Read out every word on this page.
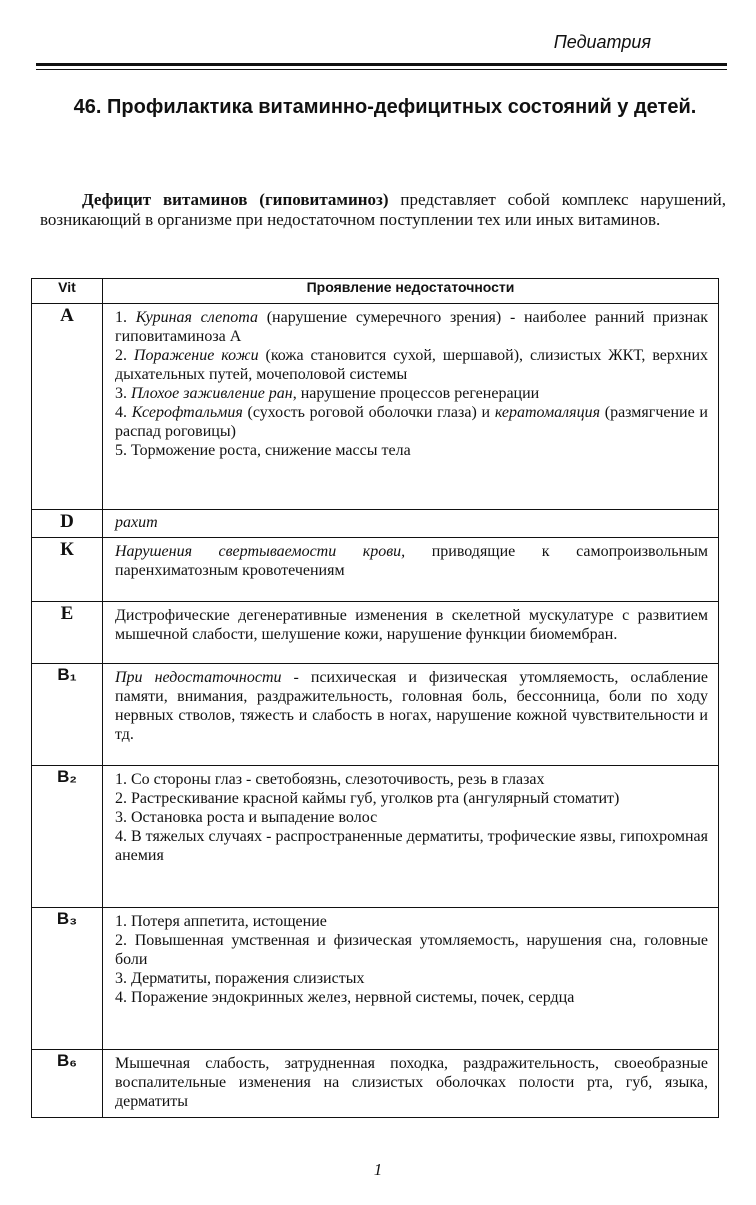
Педиатрия
46. Профилактика витаминно-дефицитных состояний у детей.

Дефицит витаминов (гиповитаминоз) представляет собой комплекс нарушений, возникающий в организме при недостаточном поступлении тех или иных витаминов.

Vit	Проявление недостаточности
А	1. Куриная слепота (нарушение сумеречного зрения) - наиболее ранний признак гиповитаминоза А

2. Поражение кожи (кожа становится сухой, шершавой), слизистых ЖКТ, верхних дыхательных путей, мочеполовой системы

3. Плохое заживление ран, нарушение процессов регенерации

4. Ксерофтальмия (сухость роговой оболочки глаза) и кератомаляция (размягчение и распад роговицы)

5. Торможение роста, снижение массы тела

D	рахит
К	Нарушения свертываемости крови, приводящие к самопроизвольным паренхиматозным кровотечениям
Е	Дистрофические дегенеративные изменения в скелетной мускулатуре с развитием мышечной слабости, шелушение кожи, нарушение функции биомембран.
B₁	При недостаточности - психическая и физическая утомляемость, ослабление памяти, внимания, раздражительность, головная боль, бессонница, боли по ходу нервных стволов, тяжесть и слабость в ногах, нарушение кожной чувствительности и тд.
B₂	1. Со стороны глаз - светобоязнь, слезоточивость, резь в глазах

2. Растрескивание красной каймы губ, уголков рта (ангулярный стоматит)

3. Остановка роста и выпадение волос

4. В тяжелых случаях - распространенные дерматиты, трофические язвы, гипохромная анемия

B₃	1. Потеря аппетита, истощение

2. Повышенная умственная и физическая утомляемость, нарушения сна, головные боли

3. Дерматиты, поражения слизистых

4. Поражение эндокринных желез, нервной системы, почек, сердца

B₆	Мышечная слабость, затрудненная походка, раздражительность, своеобразные воспалительные изменения на слизистых оболочках полости рта, губ, языка, дерматиты
1
